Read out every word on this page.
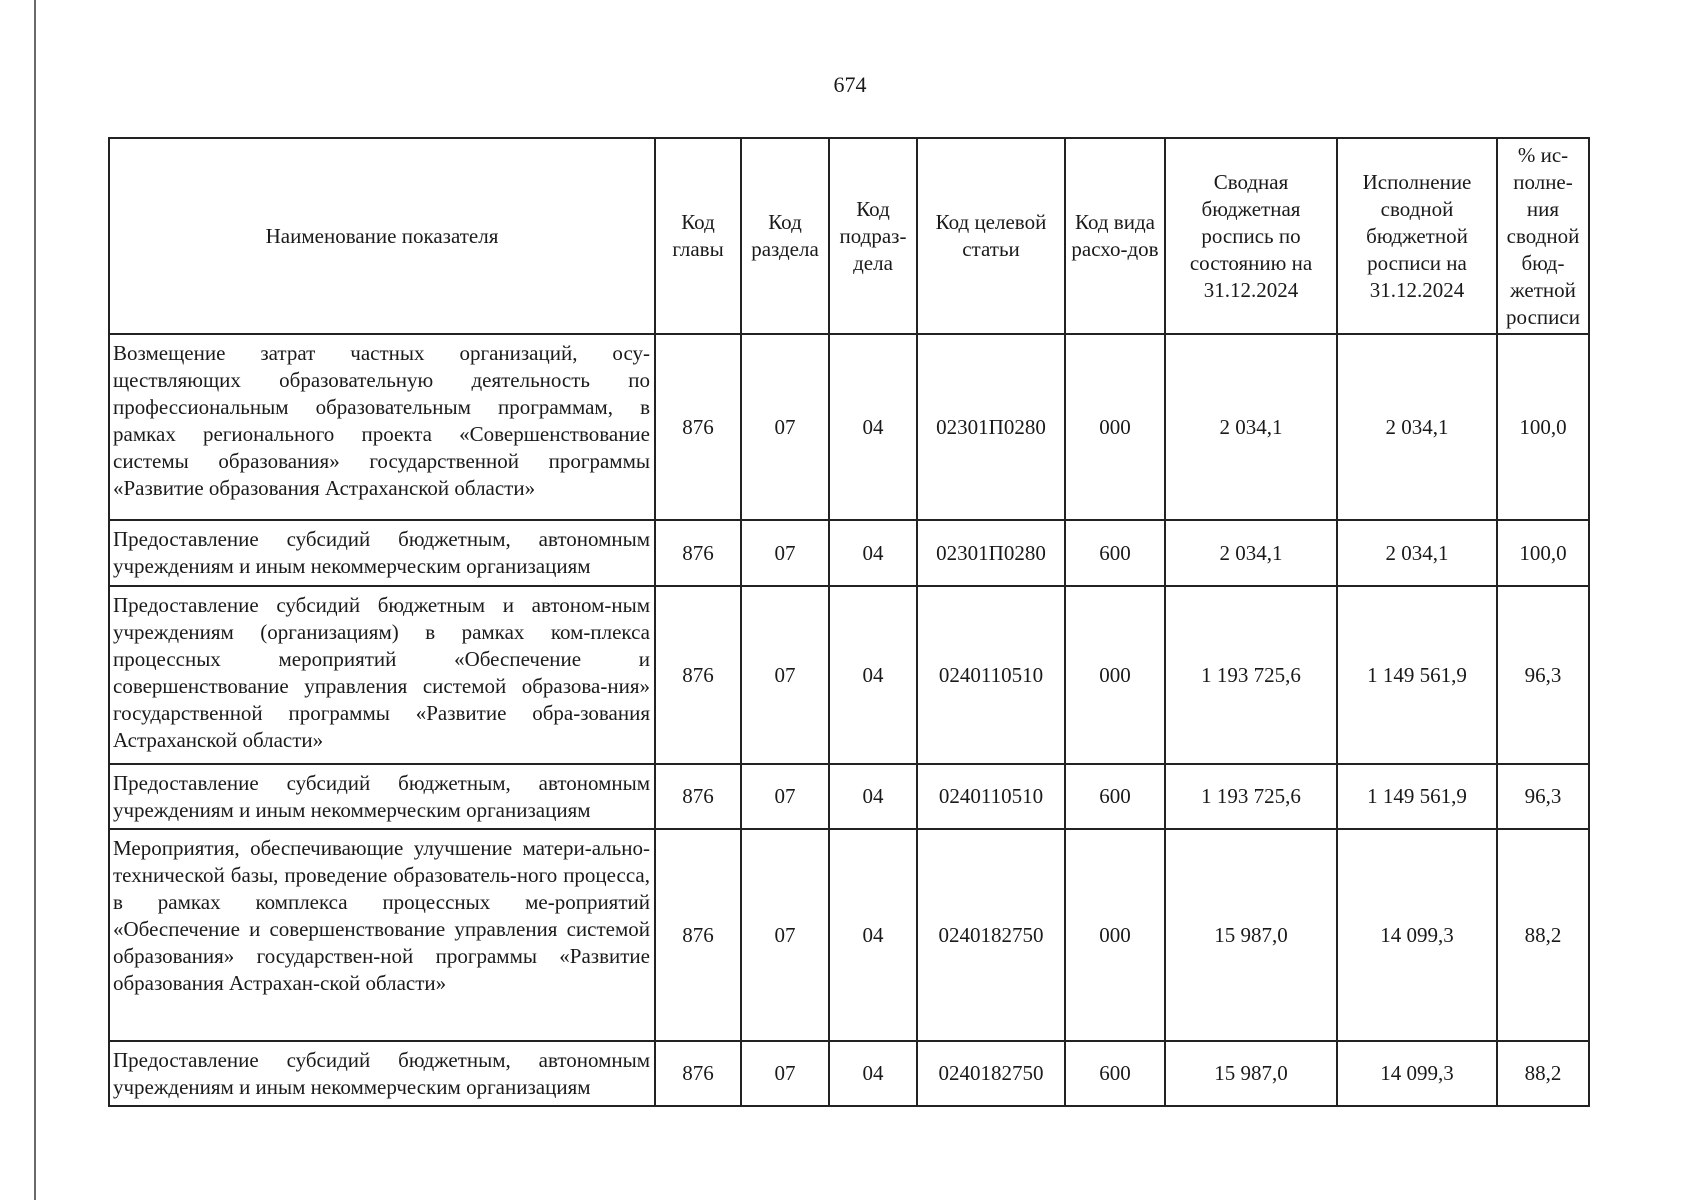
674
Наименование показателя	Код главы	Код раздела	Код подраз-дела	Код целевой статьи	Код вида расхо-дов	Сводная бюджетная роспись по состоянию на 31.12.2024	Исполнение сводной бюджетной росписи на 31.12.2024	% ис-полне-ния сводной бюд-жетной росписи
Возмещение затрат частных организаций, осу-ществляющих образовательную деятельность по профессиональным образовательным программам, в рамках регионального проекта «Совершенствование системы образования» государственной программы «Развитие образования Астраханской области»	876	07	04	02301П0280	000	2 034,1	2 034,1	100,0
Предоставление субсидий бюджетным, автономным учреждениям и иным некоммерческим организациям	876	07	04	02301П0280	600	2 034,1	2 034,1	100,0
Предоставление субсидий бюджетным и автоном-ным учреждениям (организациям) в рамках ком-плекса процессных мероприятий «Обеспечение и совершенствование управления системой образова-ния» государственной программы «Развитие обра-зования Астраханской области»	876	07	04	0240110510	000	1 193 725,6	1 149 561,9	96,3
Предоставление субсидий бюджетным, автономным учреждениям и иным некоммерческим организациям	876	07	04	0240110510	600	1 193 725,6	1 149 561,9	96,3
Мероприятия, обеспечивающие улучшение матери-ально-технической базы, проведение образователь-ного процесса, в рамках комплекса процессных ме-роприятий «Обеспечение и совершенствование управления системой образования» государствен-ной программы «Развитие образования Астрахан-ской области»	876	07	04	0240182750	000	15 987,0	14 099,3	88,2
Предоставление субсидий бюджетным, автономным учреждениям и иным некоммерческим организациям	876	07	04	0240182750	600	15 987,0	14 099,3	88,2
